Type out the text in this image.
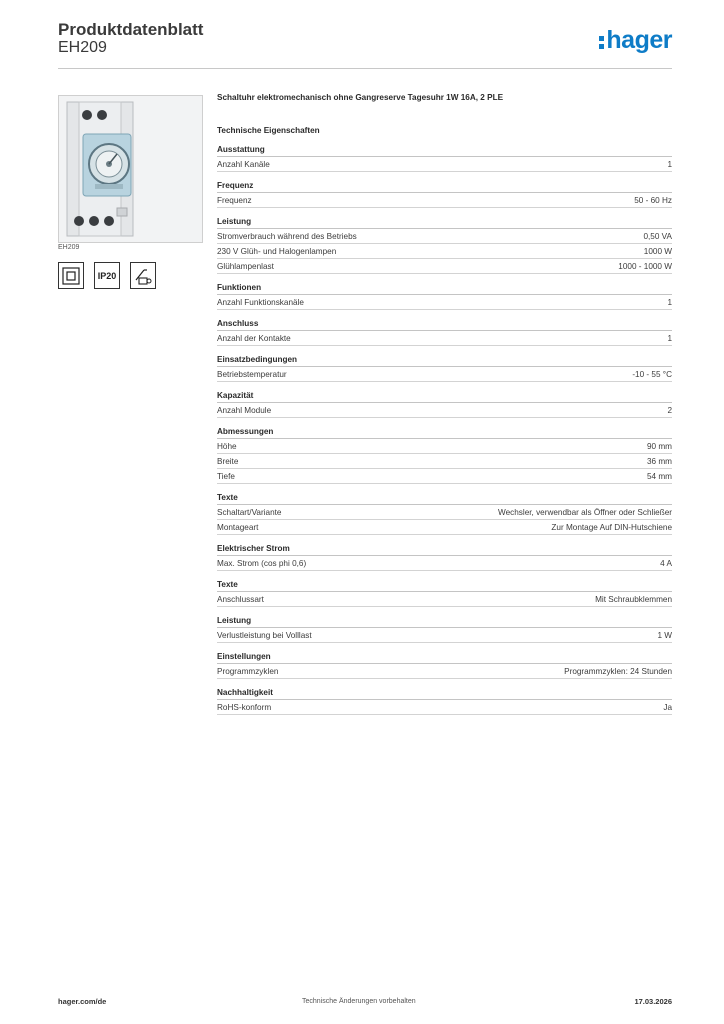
Produktdatenblatt
EH209	hager
EH209
IP20
Schaltuhr elektromechanisch ohne Gangreserve Tagesuhr 1W 16A, 2 PLE
Technische Eigenschaften
Ausstattung
Anzahl Kanäle	1
Frequenz
Frequenz	50 - 60 Hz
Leistung
Stromverbrauch während des Betriebs	0,50 VA
230 V Glüh- und Halogenlampen	1000 W
Glühlampenlast	1000 - 1000 W
Funktionen
Anzahl Funktionskanäle	1
Anschluss
Anzahl der Kontakte	1
Einsatzbedingungen
Betriebstemperatur	-10 - 55 °C
Kapazität
Anzahl Module	2
Abmessungen
Höhe	90 mm
Breite	36 mm
Tiefe	54 mm
Texte
Schaltart/Variante	Wechsler, verwendbar als Öffner oder Schließer
Montageart	Zur Montage Auf DIN-Hutschiene
Elektrischer Strom
Max. Strom (cos phi 0,6)	4 A
Texte
Anschlussart	Mit Schraubklemmen
Leistung
Verlustleistung bei Volllast	1 W
Einstellungen
Programmzyklen	Programmzyklen: 24 Stunden
Nachhaltigkeit
RoHS-konform	Ja
hager.com/de	Technische Änderungen vorbehalten	17.03.2026
